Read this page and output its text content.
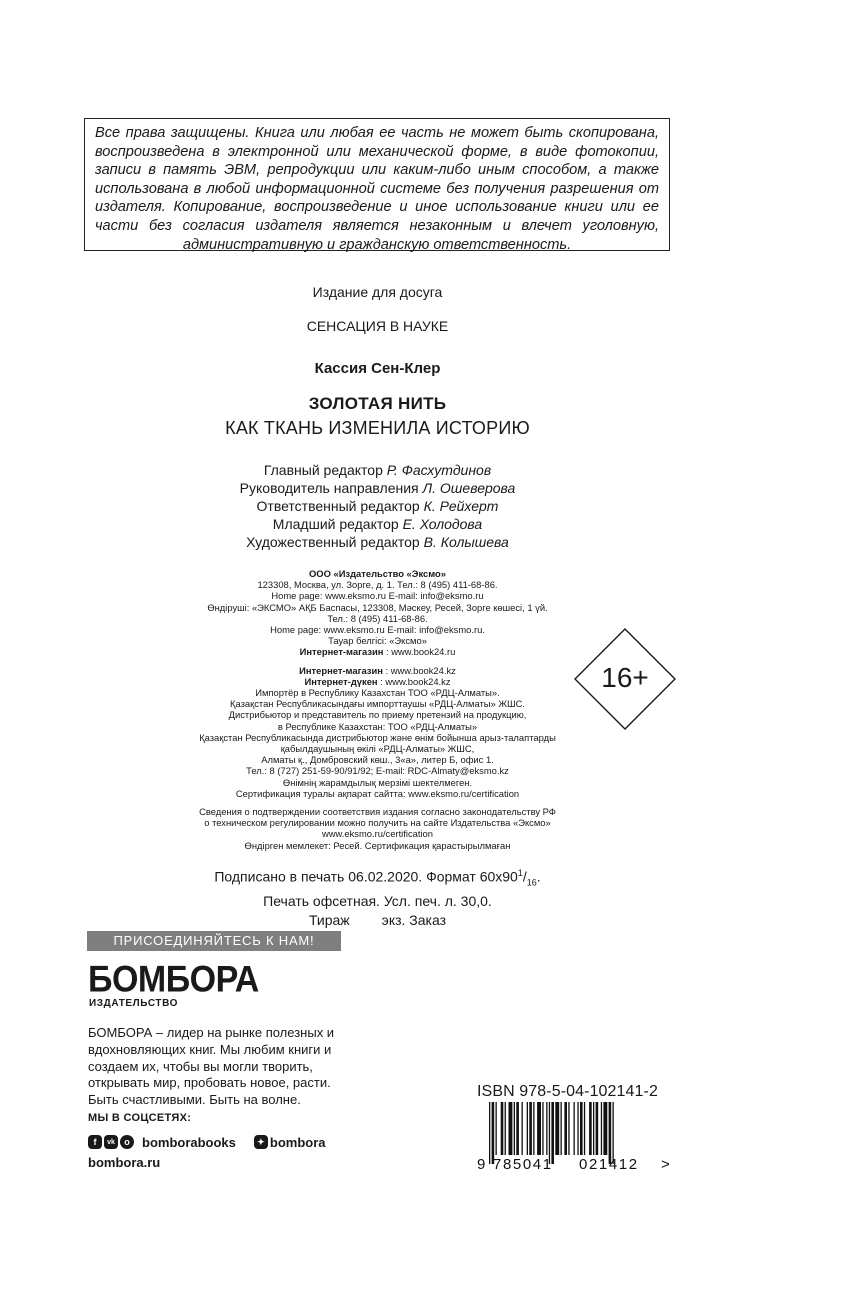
Все права защищены. Книга или любая ее часть не может быть скопирована, воспроизведена в электронной или механической форме, в виде фотокопии, записи в память ЭВМ, репродукции или каким-либо иным способом, а также использована в любой информационной системе без получения разрешения от издателя. Копирование, воспроизведение и иное использование книги или ее части без согласия издателя является незаконным и влечет уголовную, административную и гражданскую ответственность.
Издание для досуга
СЕНСАЦИЯ В НАУКЕ
Кассия Сен-Клер
ЗОЛОТАЯ НИТЬ
КАК ТКАНЬ ИЗМЕНИЛА ИСТОРИЮ
Главный редактор Р. Фасхутдинов
Руководитель направления Л. Ошеверова
Ответственный редактор К. Рейхерт
Младший редактор Е. Холодова
Художественный редактор В. Колышева
ООО «Издательство «Эксмо»
123308, Москва, ул. Зорге, д. 1. Тел.: 8 (495) 411-68-86.
Home page: www.eksmo.ru E-mail: info@eksmo.ru
Өндіруші: «ЭКСМО» АҚБ Баспасы, 123308, Мәскеу, Ресей, Зорге көшесі, 1 үй.
Тел.: 8 (495) 411-68-86.
Home page: www.eksmo.ru E-mail: info@eksmo.ru.
Тауар белгісі: «Эксмо»
Интернет-магазин : www.book24.ru
Интернет-магазин : www.book24.kz
Интернет-дүкен : www.book24.kz
Импортёр в Республику Казахстан ТОО «РДЦ-Алматы».
Қазақстан Республикасындағы импорттаушы «РДЦ-Алматы» ЖШС.
Дистрибьютор и представитель по приему претензий на продукцию,
в Республике Казахстан: ТОО «РДЦ-Алматы»
Қазақстан Республикасында дистрибьютор және өнім бойынша арыз-талаптарды
қабылдаушының өкілі «РДЦ-Алматы» ЖШС,
Алматы қ., Домбровский көш., 3«а», литер Б, офис 1.
Тел.: 8 (727) 251-59-90/91/92; E-mail: RDC-Almaty@eksmo.kz
Өнімнің жарамдылық мерзімі шектелмеген.
Сертификация туралы ақпарат сайтта: www.eksmo.ru/certification
Сведения о подтверждении соответствия издания согласно законодательству РФ
о техническом регулировании можно получить на сайте Издательства «Эксмо»
www.eksmo.ru/certification
Өндірген мемлекет: Ресей. Сертификация қарастырылмаған
16+
Подписано в печать 06.02.2020. Формат $60x90^1/_{16}$.
Печать офсетная. Усл. печ. л. 30,0.
Тираж экз. Заказ
ПРИСОЕДИНЯЙТЕСЬ К НАМ!
БОМБОРА
ИЗДАТЕЛЬСТВО
БОМБОРА – лидер на рынке полезных и вдохновляющих книг. Мы любим книги и создаем их, чтобы вы могли творить, открывать мир, пробовать новое, расти. Быть счастливыми. Быть на волне.
МЫ В СОЦСЕТЯХ:
f	vk	o bomborabooks	✦ bombora
bombora.ru
ISBN 978-5-04-102141-2
9 785041 021412 >
